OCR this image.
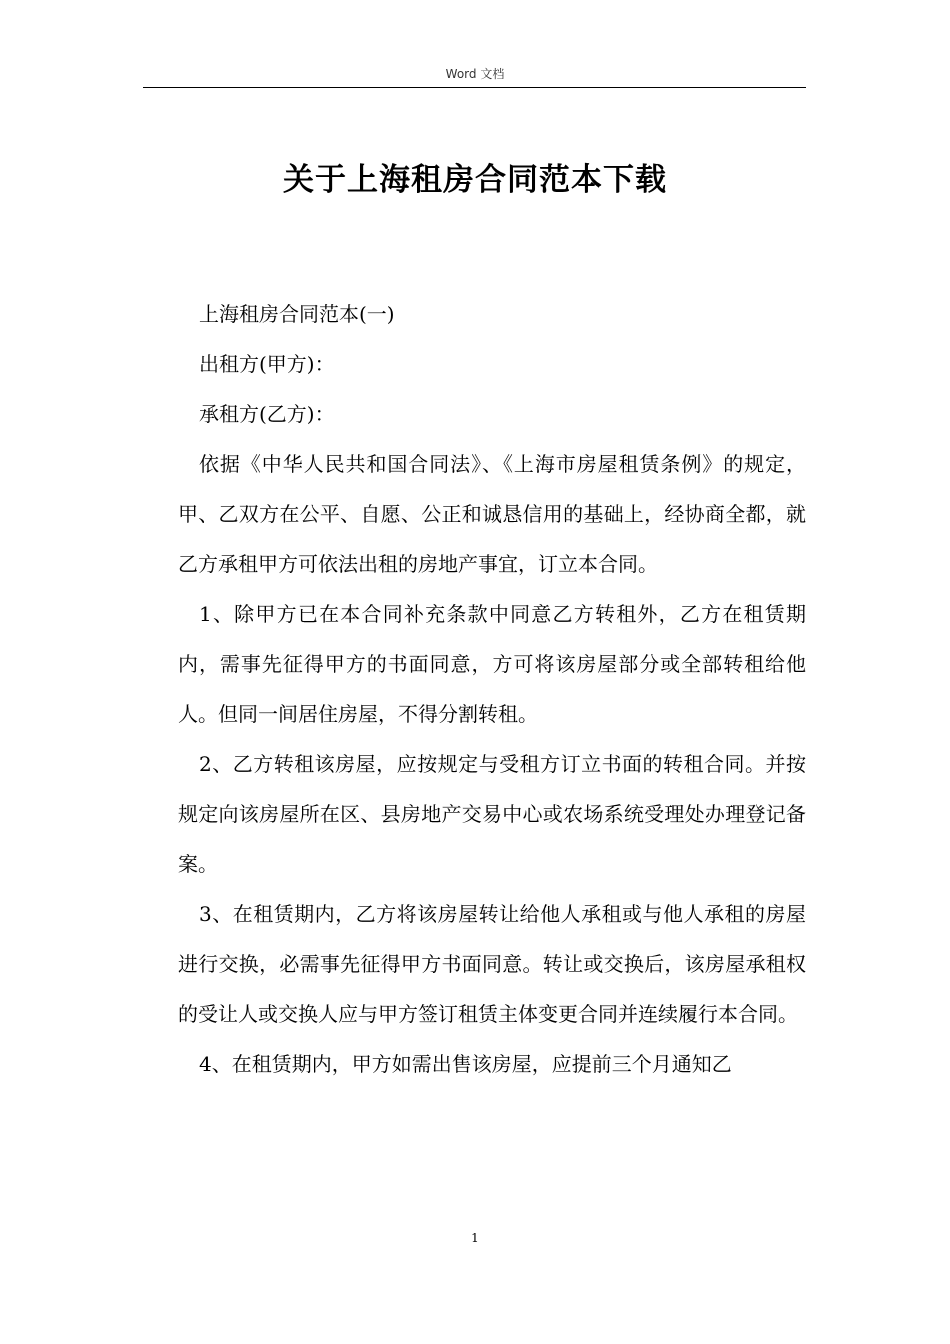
Word 文档
关于上海租房合同范本下载

上海租房合同范本(一)

出租方(甲方)：

承租方(乙方)：

依据《中华人民共和国合同法》、《上海市房屋租赁条例》的规定，甲、乙双方在公平、自愿、公正和诚恳信用的基础上，经协商全都，就乙方承租甲方可依法出租的房地产事宜，订立本合同。

1、除甲方已在本合同补充条款中同意乙方转租外，乙方在租赁期内，需事先征得甲方的书面同意，方可将该房屋部分或全部转租给他人。但同一间居住房屋，不得分割转租。

2、乙方转租该房屋，应按规定与受租方订立书面的转租合同。并按规定向该房屋所在区、县房地产交易中心或农场系统受理处办理登记备案。

3、在租赁期内，乙方将该房屋转让给他人承租或与他人承租的房屋进行交换，必需事先征得甲方书面同意。转让或交换后，该房屋承租权的受让人或交换人应与甲方签订租赁主体变更合同并连续履行本合同。

4、在租赁期内，甲方如需出售该房屋，应提前三个月通知乙

1
